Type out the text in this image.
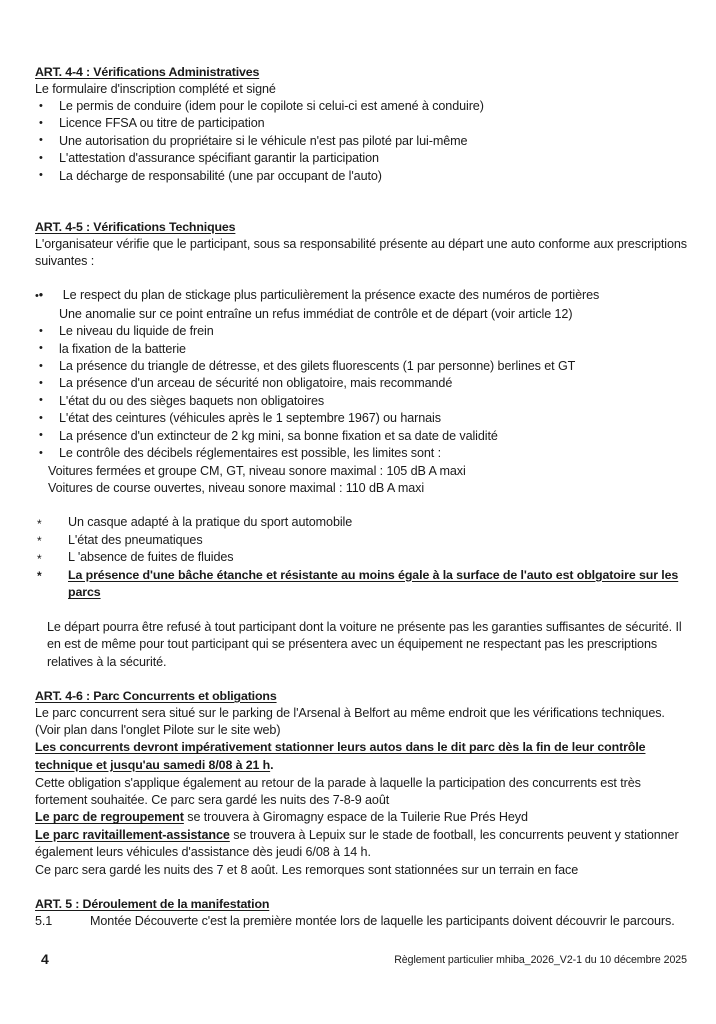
ART. 4-4 : Vérifications Administratives
Le formulaire d'inscription complété et signé
• Le permis de conduire (idem pour le copilote si celui-ci est amené à conduire)
• Licence FFSA ou titre de participation
• Une autorisation du propriétaire si le véhicule n'est pas piloté par lui-même
• L'attestation d'assurance spécifiant garantir la participation
• La décharge de responsabilité (une par occupant de l'auto)
ART. 4-5 : Vérifications Techniques
L'organisateur vérifie que le participant, sous sa responsabilité présente au départ une auto conforme aux prescriptions suivantes :
• • Le respect du plan de stickage plus particulièrement la présence exacte des numéros de portières
Une anomalie sur ce point entraîne un refus immédiat de contrôle et de départ (voir article 12)
• Le niveau du liquide de frein
• la fixation de la batterie
• La présence du triangle de détresse, et des gilets fluorescents (1 par personne) berlines et GT
• La présence d'un arceau de sécurité non obligatoire, mais recommandé
• L'état du ou des sièges baquets non obligatoires
• L'état des ceintures (véhicules après le 1 septembre 1967) ou harnais
• La présence d'un extincteur de 2 kg mini, sa bonne fixation et sa date de validité
• Le contrôle des décibels réglementaires est possible, les limites sont :
Voitures fermées et groupe CM, GT, niveau sonore maximal : 105 dB A maxi
Voitures de course ouvertes, niveau sonore maximal : 110 dB A maxi
* Un casque adapté à la pratique du sport automobile
* L'état des pneumatiques
* L 'absence de fuites de fluides
* La présence d'une bâche étanche et résistante au moins égale à la surface de l'auto est oblgatoire sur les parcs
Le départ pourra être refusé à tout participant dont la voiture ne présente pas les garanties suffisantes de sécurité. Il en est de même pour tout participant qui se présentera avec un équipement ne respectant pas les prescriptions relatives à la sécurité.
ART. 4-6 : Parc Concurrents et obligations
Le parc concurrent sera situé sur le parking de l'Arsenal à Belfort au même endroit que les vérifications techniques. (Voir plan dans l'onglet Pilote sur le site web)
Les concurrents devront impérativement stationner leurs autos dans le dit parc dès la fin de leur contrôle technique et jusqu'au samedi 8/08 à 21 h.
Cette obligation s'applique également au retour de la parade à laquelle la participation des concurrents est très fortement souhaitée. Ce parc sera gardé les nuits des 7-8-9 août
Le parc de regroupement se trouvera à Giromagny espace de la Tuilerie Rue Prés Heyd
Le parc ravitaillement-assistance se trouvera à Lepuix sur le stade de football, les concurrents peuvent y stationner également leurs véhicules d'assistance dès jeudi 6/08 à 14 h.
Ce parc sera gardé les nuits des 7 et 8 août. Les remorques sont stationnées sur un terrain en face
ART. 5 : Déroulement de la manifestation
5.1	Montée Découverte c'est la première montée lors de laquelle les participants doivent découvrir le parcours.
4	Règlement particulier mhiba_2026_V2-1 du 10 décembre 2025
